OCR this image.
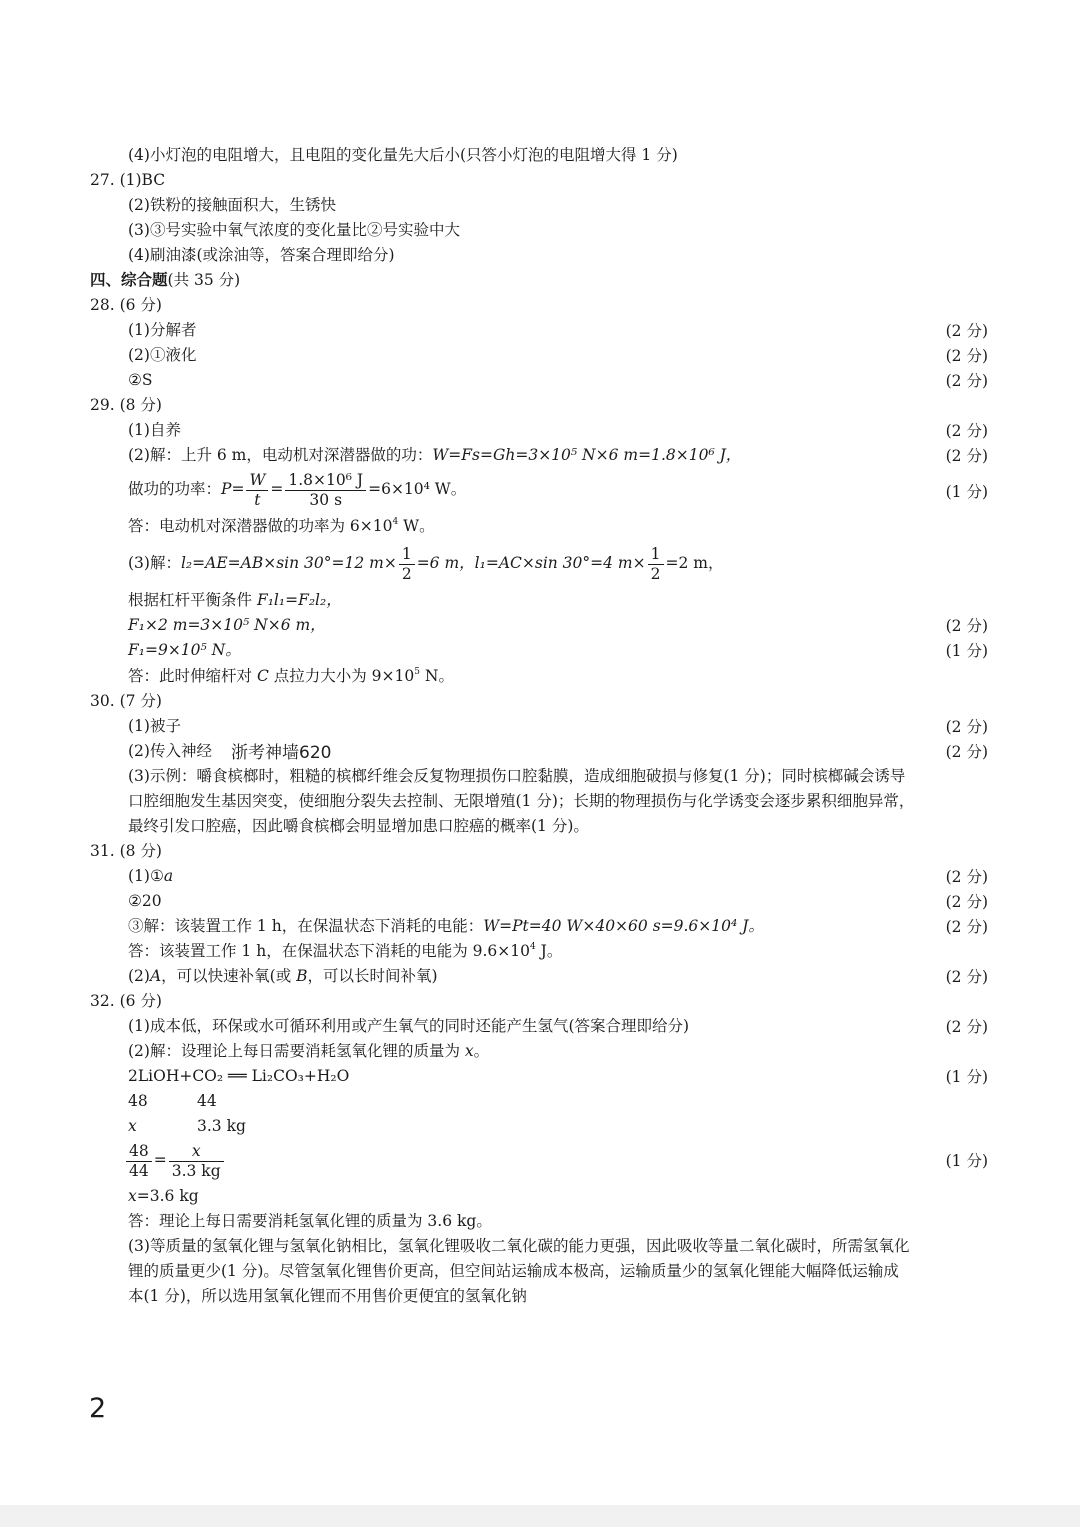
(4)小灯泡的电阻增大，且电阻的变化量先大后小(只答小灯泡的电阻增大得 1 分)
27. (1)BC
(2)铁粉的接触面积大，生锈快
(3)③号实验中氧气浓度的变化量比②号实验中大
(4)刷油漆(或涂油等，答案合理即给分)
四、综合题(共 35 分)
28. (6 分)
(1)分解者	(2 分)
(2)①液化	(2 分)
②S	(2 分)
29. (8 分)
(1)自养	(2 分)
(2)解：上升 6 m，电动机对深潜器做的功：W=Fs=Gh=3×10⁵ N×6 m=1.8×10⁶ J，	(2 分)
做功的功率：$P= \frac{W}{t} = \frac{\text{1.8×10⁶ J}}{30 s} =6\times 10^4$ W。	(1 分)
答：电动机对深潜器做的功率为 $6\times 10^4$ W。
(3)解：l₂=AE=AB×sin 30°=12 $m\times \frac{1}{2} =6$ m，l₁=AC×sin 30°=4 $m\times \frac{1}{2} =2$ m，
根据杠杆平衡条件 F₁l₁=F₂l₂，
F₁×2 m=3×10⁵ N×6 m，	(2 分)
F₁=9×10⁵ N。	(1 分)
答：此时伸缩杆对 C 点拉力大小为 $9\times 10^5$ N。
30. (7 分)
(1)被子	(2 分)
(2)传入神经 浙考神墙620	(2 分)
(3)示例：嚼食槟榔时，粗糙的槟榔纤维会反复物理损伤口腔黏膜，造成细胞破损与修复(1 分)；同时槟榔碱会诱导
口腔细胞发生基因突变，使细胞分裂失去控制、无限增殖(1 分)；长期的物理损伤与化学诱变会逐步累积细胞异常，
最终引发口腔癌，因此嚼食槟榔会明显增加患口腔癌的概率(1 分)。
31. (8 分)
(1)①a	(2 分)
②20	(2 分)
③解：该装置工作 1 h，在保温状态下消耗的电能：W=Pt=40 W×40×60 s=9.6×10⁴ J。	(2 分)
答：该装置工作 1 h，在保温状态下消耗的电能为 $9.6\times 10^4$ J。
(2)A，可以快速补氧(或 B，可以长时间补氧)	(2 分)
32. (6 分)
(1)成本低，环保或水可循环利用或产生氧气的同时还能产生氢气(答案合理即给分)	(2 分)
(2)解：设理论上每日需要消耗氢氧化锂的质量为 x。
2LiOH+CO₂ ══ Li₂CO₃+H₂O	(1 分)
48	44
x	3.3 kg
$\frac{48}{44} = \frac{x}{3.3 kg}$	(1 分)
x=3.6 kg
答：理论上每日需要消耗氢氧化锂的质量为 3.6 kg。
(3)等质量的氢氧化锂与氢氧化钠相比，氢氧化锂吸收二氧化碳的能力更强，因此吸收等量二氧化碳时，所需氢氧化
锂的质量更少(1 分)。尽管氢氧化锂售价更高，但空间站运输成本极高，运输质量少的氢氧化锂能大幅降低运输成
本(1 分)，所以选用氢氧化锂而不用售价更便宜的氢氧化钠
2
